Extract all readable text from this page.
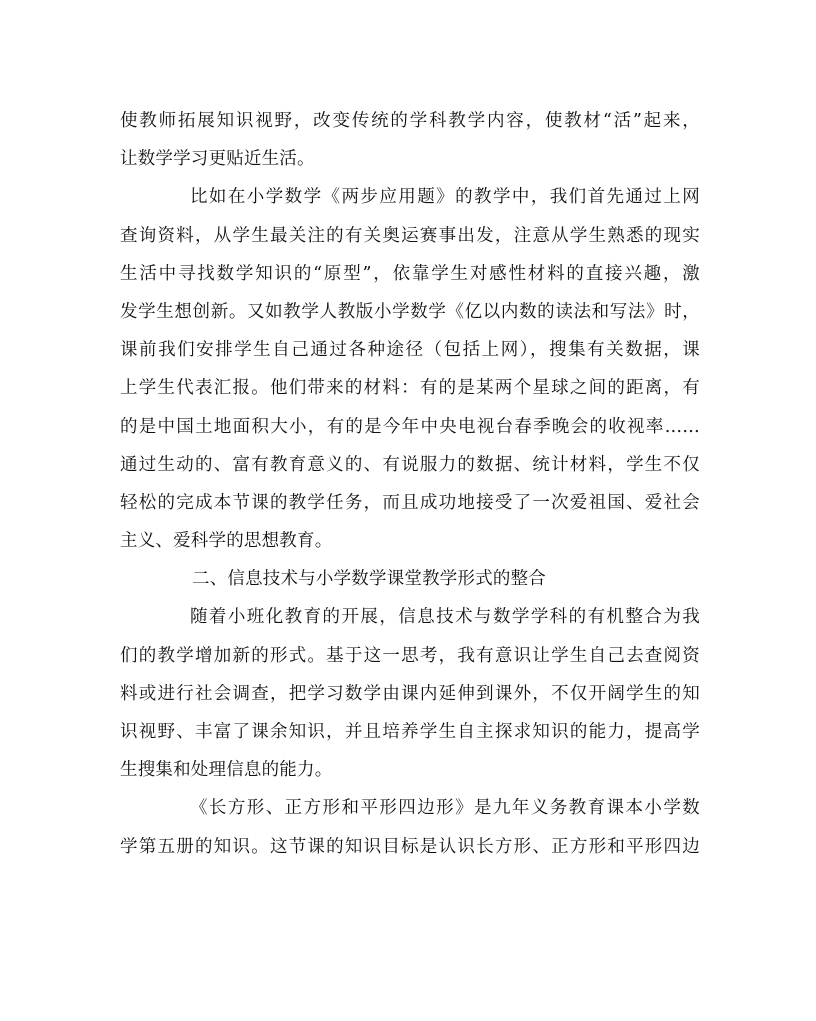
使教师拓展知识视野，改变传统的学科教学内容，使教材“活”起来，
让数学学习更贴近生活。
比如在小学数学《两步应用题》的教学中，我们首先通过上网
查询资料，从学生最关注的有关奥运赛事出发，注意从学生熟悉的现实
生活中寻找数学知识的“原型”，依靠学生对感性材料的直接兴趣，激
发学生想创新。又如教学人教版小学数学《亿以内数的读法和写法》时，
课前我们安排学生自己通过各种途径（包括上网），搜集有关数据，课
上学生代表汇报。他们带来的材料：有的是某两个星球之间的距离，有
的是中国土地面积大小，有的是今年中央电视台春季晚会的收视率……
通过生动的、富有教育意义的、有说服力的数据、统计材料，学生不仅
轻松的完成本节课的教学任务，而且成功地接受了一次爱祖国、爱社会
主义、爱科学的思想教育。
二、信息技术与小学数学课堂教学形式的整合
随着小班化教育的开展，信息技术与数学学科的有机整合为我
们的教学增加新的形式。基于这一思考，我有意识让学生自己去查阅资
料或进行社会调查，把学习数学由课内延伸到课外，不仅开阔学生的知
识视野、丰富了课余知识，并且培养学生自主探求知识的能力，提高学
生搜集和处理信息的能力。
《长方形、正方形和平形四边形》是九年义务教育课本小学数
学第五册的知识。这节课的知识目标是认识长方形、正方形和平形四边
